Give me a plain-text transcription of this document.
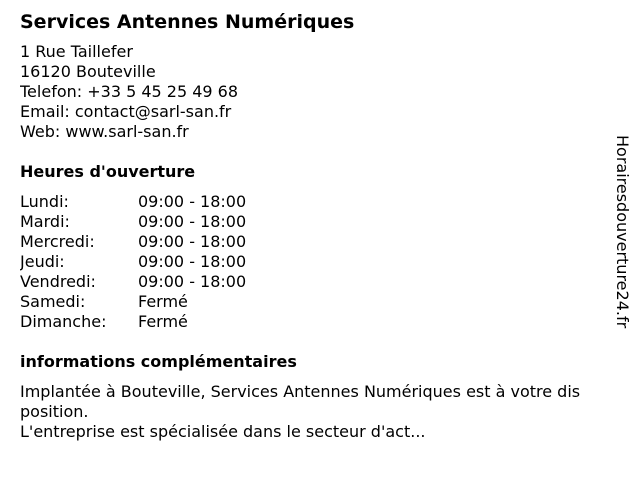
Services Antennes Numériques
1 Rue Taillefer
16120 Bouteville
Telefon: +33 5 45 25 49 68
Email: contact@sarl-san.fr
Web: www.sarl-san.fr
Heures d'ouverture
Lundi:	09:00 - 18:00
Mardi:	09:00 - 18:00
Mercredi:	09:00 - 18:00
Jeudi:	09:00 - 18:00
Vendredi:	09:00 - 18:00
Samedi:	Fermé
Dimanche:	Fermé
informations complémentaires
Implantée à Bouteville, Services Antennes Numériques est à votre dis
position.
L'entreprise est spécialisée dans le secteur d'act...
Horairesdouverture24.fr
